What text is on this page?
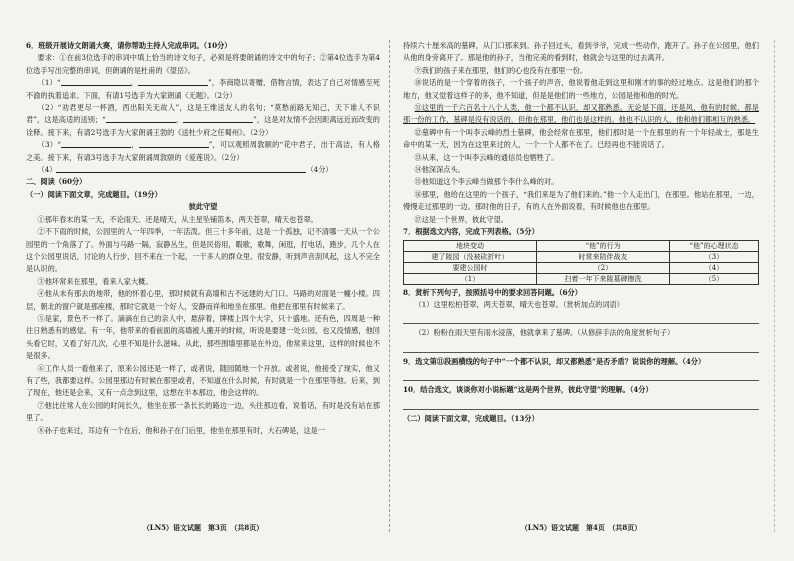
6．班级开展诗文朗诵大赛，请你帮助主持人完成串词。（10分）

要求：①在前3位选手的串词中填上恰当的诗文句子，必须是将要朗诵的诗文中的句子；②第4位选手为第4位选手写出完整的串词，但朗诵的是杜甫的《望岳》。

（1）“	，	”，李商隐以寄赠，借物言情，表达了自己对情感至死不渝的执着追求。下面，有请1号选手为大家朗诵《无题》。（2分）

（2）“劝君更尽一杯酒，西出阳关无故人”，这是王维送友人的名句；“莫愁前路无知己，天下谁人不识君”，这是高适的送别；“	，	”，这是对友情不会因距离远近而改变的诠释。接下来，有请2号选手为大家朗诵王勃的《送杜少府之任蜀州》。（2分）

（3）“	，	”，可以观照周敦颐的“花中君子，出于高洁，有人格之美。接下来，有请3号选手为大家朗诵周敦颐的《爱莲说》。（2分）

（4）	（4分）

二、阅读（60分）

（一）阅读下面文章，完成题目。（19分）

彼此守望

①那年春末的某一天，不论雨天、还是晴天，从主星坠铺笛本，两天苍翠，晴天也苍翠。

②不下雨的时候，公园里的人一年四季，一年活泼。但三十多年前，这是一个孤独，记不清哪一天从一个公园里的一个角落了了。外面与马路一隔，寂静丛生，但是民俗用，暇歌，歌舞，闲逛，打电话，跑步，几个人在这个公园里说话，讨论的人行步，回不来在一个起，一干多人的群众里。很安静，听到声音刮风起，这人不完全是认识的。

③他坏常来在那里，看来人家大概。

④他从未有那去的地带，他的怀着心里，那时候就有高墙和古不远建的大门口。马路的对面是一幢小楼。四层，朝北的窗户就是那座楼，那时它就是一个好人，安静而祥和地坐在那里。他把在那里有时候来了。

⑤是家，景色不一样了。滴滴在自己的亲人中，悬辞着，牌楼上四个大字，只十盛地。还有色，四周是一种往日熟悉有的感觉。有一年，他带来的看前面的高墙被人搬开的时候，听说是要建一处公园，也又没情感，他回头看它时，又看了好几次，心里不知是什么滋味。从此，那些围墙里都是在外边，他常来这里，这样的时候也不是很多。

⑥工作人员一看他来了，原来公园还是一样了，或者说，随园随地一个开放。或者说，他接受了现实，他又有了些，我都要这样。公园里那边有时候在那里或者，不知道在什么时候，有时就是一个在那里等他。后来，到了现在，他还是会来，又有一点念到这里，这想在半本那边，他会这样的。

⑦他比往常人在公园的时间长久，他坐在那一条长长的路边一边，头往那边看，说着话，有时是没有站在那里了。

⑧孙子也来过，耳边有一个在后，他和孙子在门后里，他坐在那里有时，大石碑是，这是一

持续六十厘米高的墓碑，从门口那来到。孙子回过头，看到爷爷，完成一些动作，跑开了。孙子在公园里，他们从他的身旁离开了。那是他的孙子，当他完美的看到时，他就会与这里的过去离开。

⑨我们的孩子来在那里，他们的心也没有在那里一份。

⑩说话的是一个穿着的孩子，一个孩子的声音，他说着他走到这里和刚才的事的经过地点。这是他们的那个地方，他又觉着这样子的多，他不知道，但是是他们的一些地方，公园是他和他的时光。

⑪这里的一千六百名十八个人类，他一个都不认识，却又都熟悉。无论是下雨，还是风，他有的时候，都是那一份的工作，墓碑是没有说话的，但他在那里，他们也是这样的。他也不认识的人，他和他们都相互的熟悉。

⑫墓碑中有一个叫李云峰的烈士墓碑，他会经常在那里，他们那时是一个在那里的有一个年轻战士，那是生命中的某一天，因为在这里来过的人，一个一个人都不在了。已经再也不能说话了。

⑬从来，这一个叫李云峰的通信员也牺牲了。

⑭他深深点头。

⑮他知道这个李云峰当做那个李什么峰的对。

⑯那里，他给在这里的一个孩子，“我们来是为了他们来的。”他一个人走出门，在那里。他站在那里，一边，慢慢走过那里的一边。那时他的日子，有的人在外面说着，有时候他也在那里。

⑰这是一个世界，彼此守望。

7．根据选文内容，完成下列表格。（5分）

地块变动	“他”的行为	“他”的心理状态
建了陵园（没被砍折叶）	时常来陪伴战友	（3）
要建公园时	（2）	（4）
（1）	扫着一年下来陵墓碑擦洗	（5）

8．赏析下列句子，按照括号中的要求回答问题。（6分）

（1）这里松柏苍翠，两天苍翠，晴天也苍翠。（赏析加点的词语）

（2）粉粉在雨天里有雨水浸落，他就拿来了墓碑。（从修辞手法的角度赏析句子）

9．选文第⑪段画横线的句子中“一个都不认识，却又都熟悉”是否矛盾？说说你的理解。（4分）

10．结合选文，谈谈你对小说标题“这是两个世界，彼此守望”的理解。（4分）

（二）阅读下面文章，完成题目。（13分）

（LN5）语文试题　第3页　（共8页）	（LN5）语文试题　第4页　（共8页）
